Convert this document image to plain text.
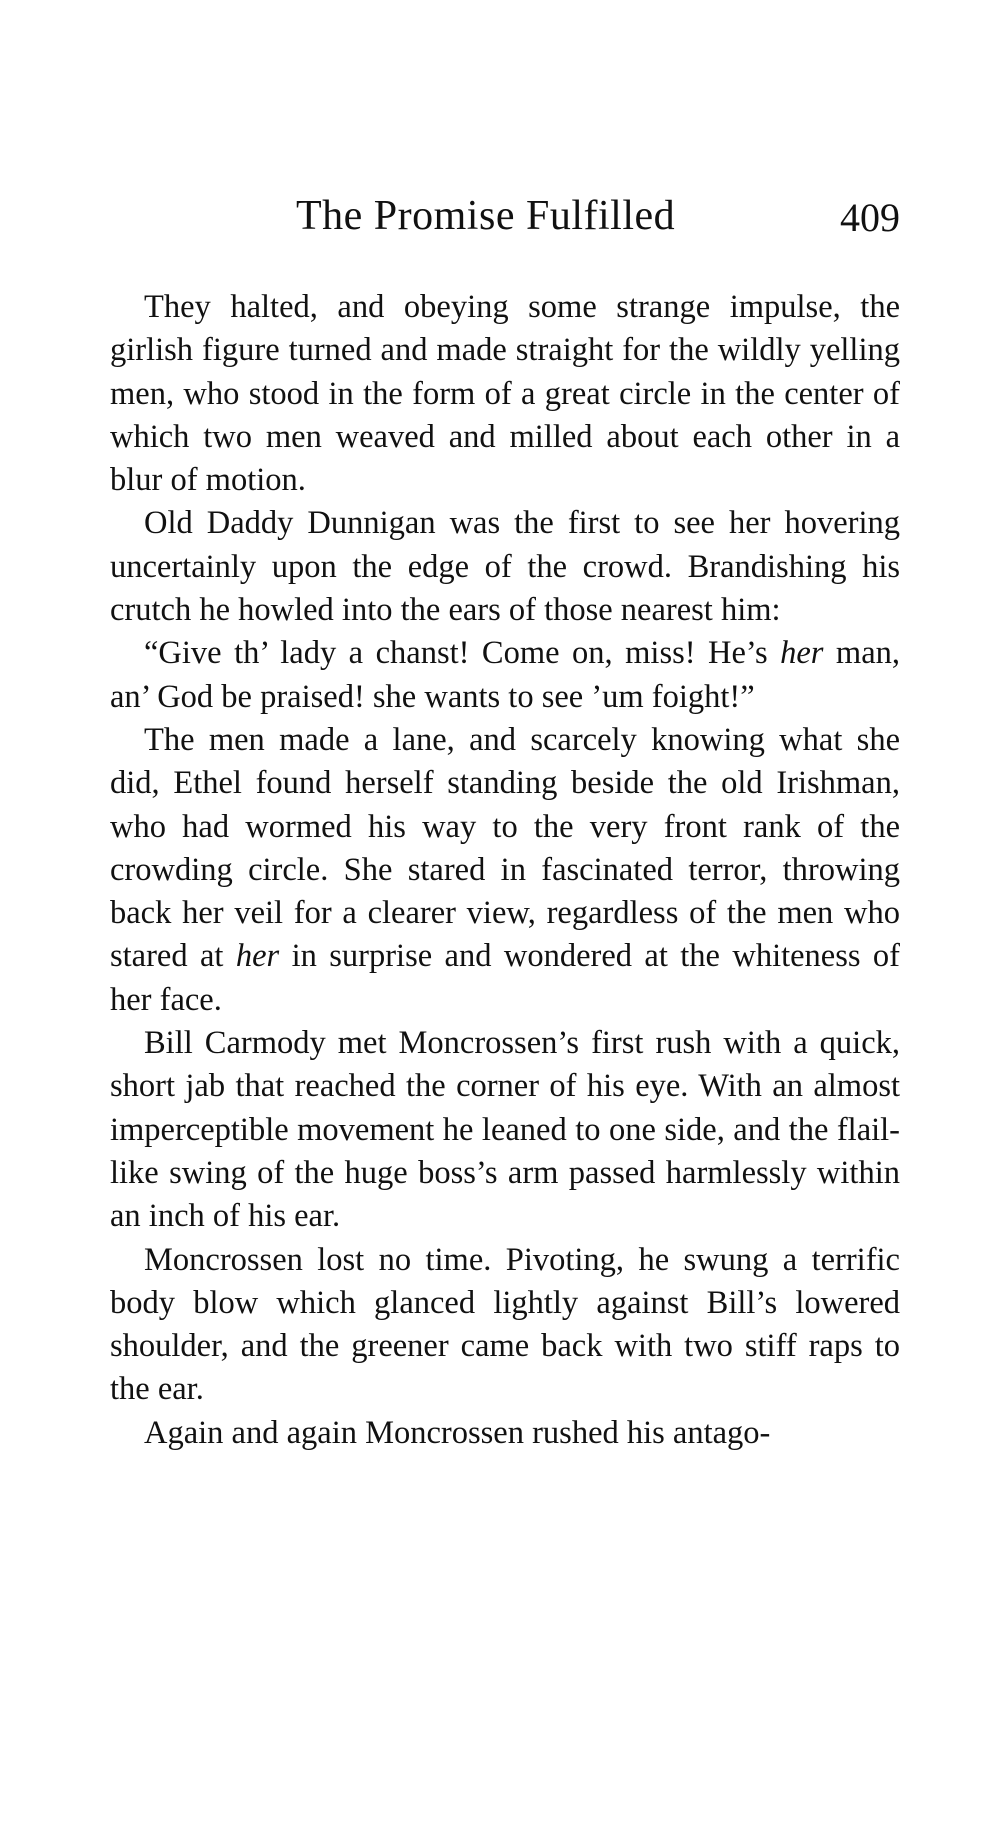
The Promise Fulfilled	409

They halted, and obeying some strange impulse, the girlish figure turned and made straight for the wildly yelling men, who stood in the form of a great circle in the center of which two men weaved and milled about each other in a blur of motion.

Old Daddy Dunnigan was the first to see her hovering uncertainly upon the edge of the crowd. Brandishing his crutch he howled into the ears of those nearest him:

“Give th’ lady a chanst! Come on, miss! He’s her man, an’ God be praised! she wants to see ’um foight!”

The men made a lane, and scarcely knowing what she did, Ethel found herself standing beside the old Irishman, who had wormed his way to the very front rank of the crowding circle. She stared in fascinated terror, throwing back her veil for a clearer view, regardless of the men who stared at her in surprise and wondered at the whiteness of her face.

Bill Carmody met Moncrossen’s first rush with a quick, short jab that reached the corner of his eye. With an almost imperceptible movement he leaned to one side, and the flail-like swing of the huge boss’s arm passed harmlessly within an inch of his ear.

Moncrossen lost no time. Pivoting, he swung a terrific body blow which glanced lightly against Bill’s lowered shoulder, and the greener came back with two stiff raps to the ear.

Again and again Moncrossen rushed his antago-
